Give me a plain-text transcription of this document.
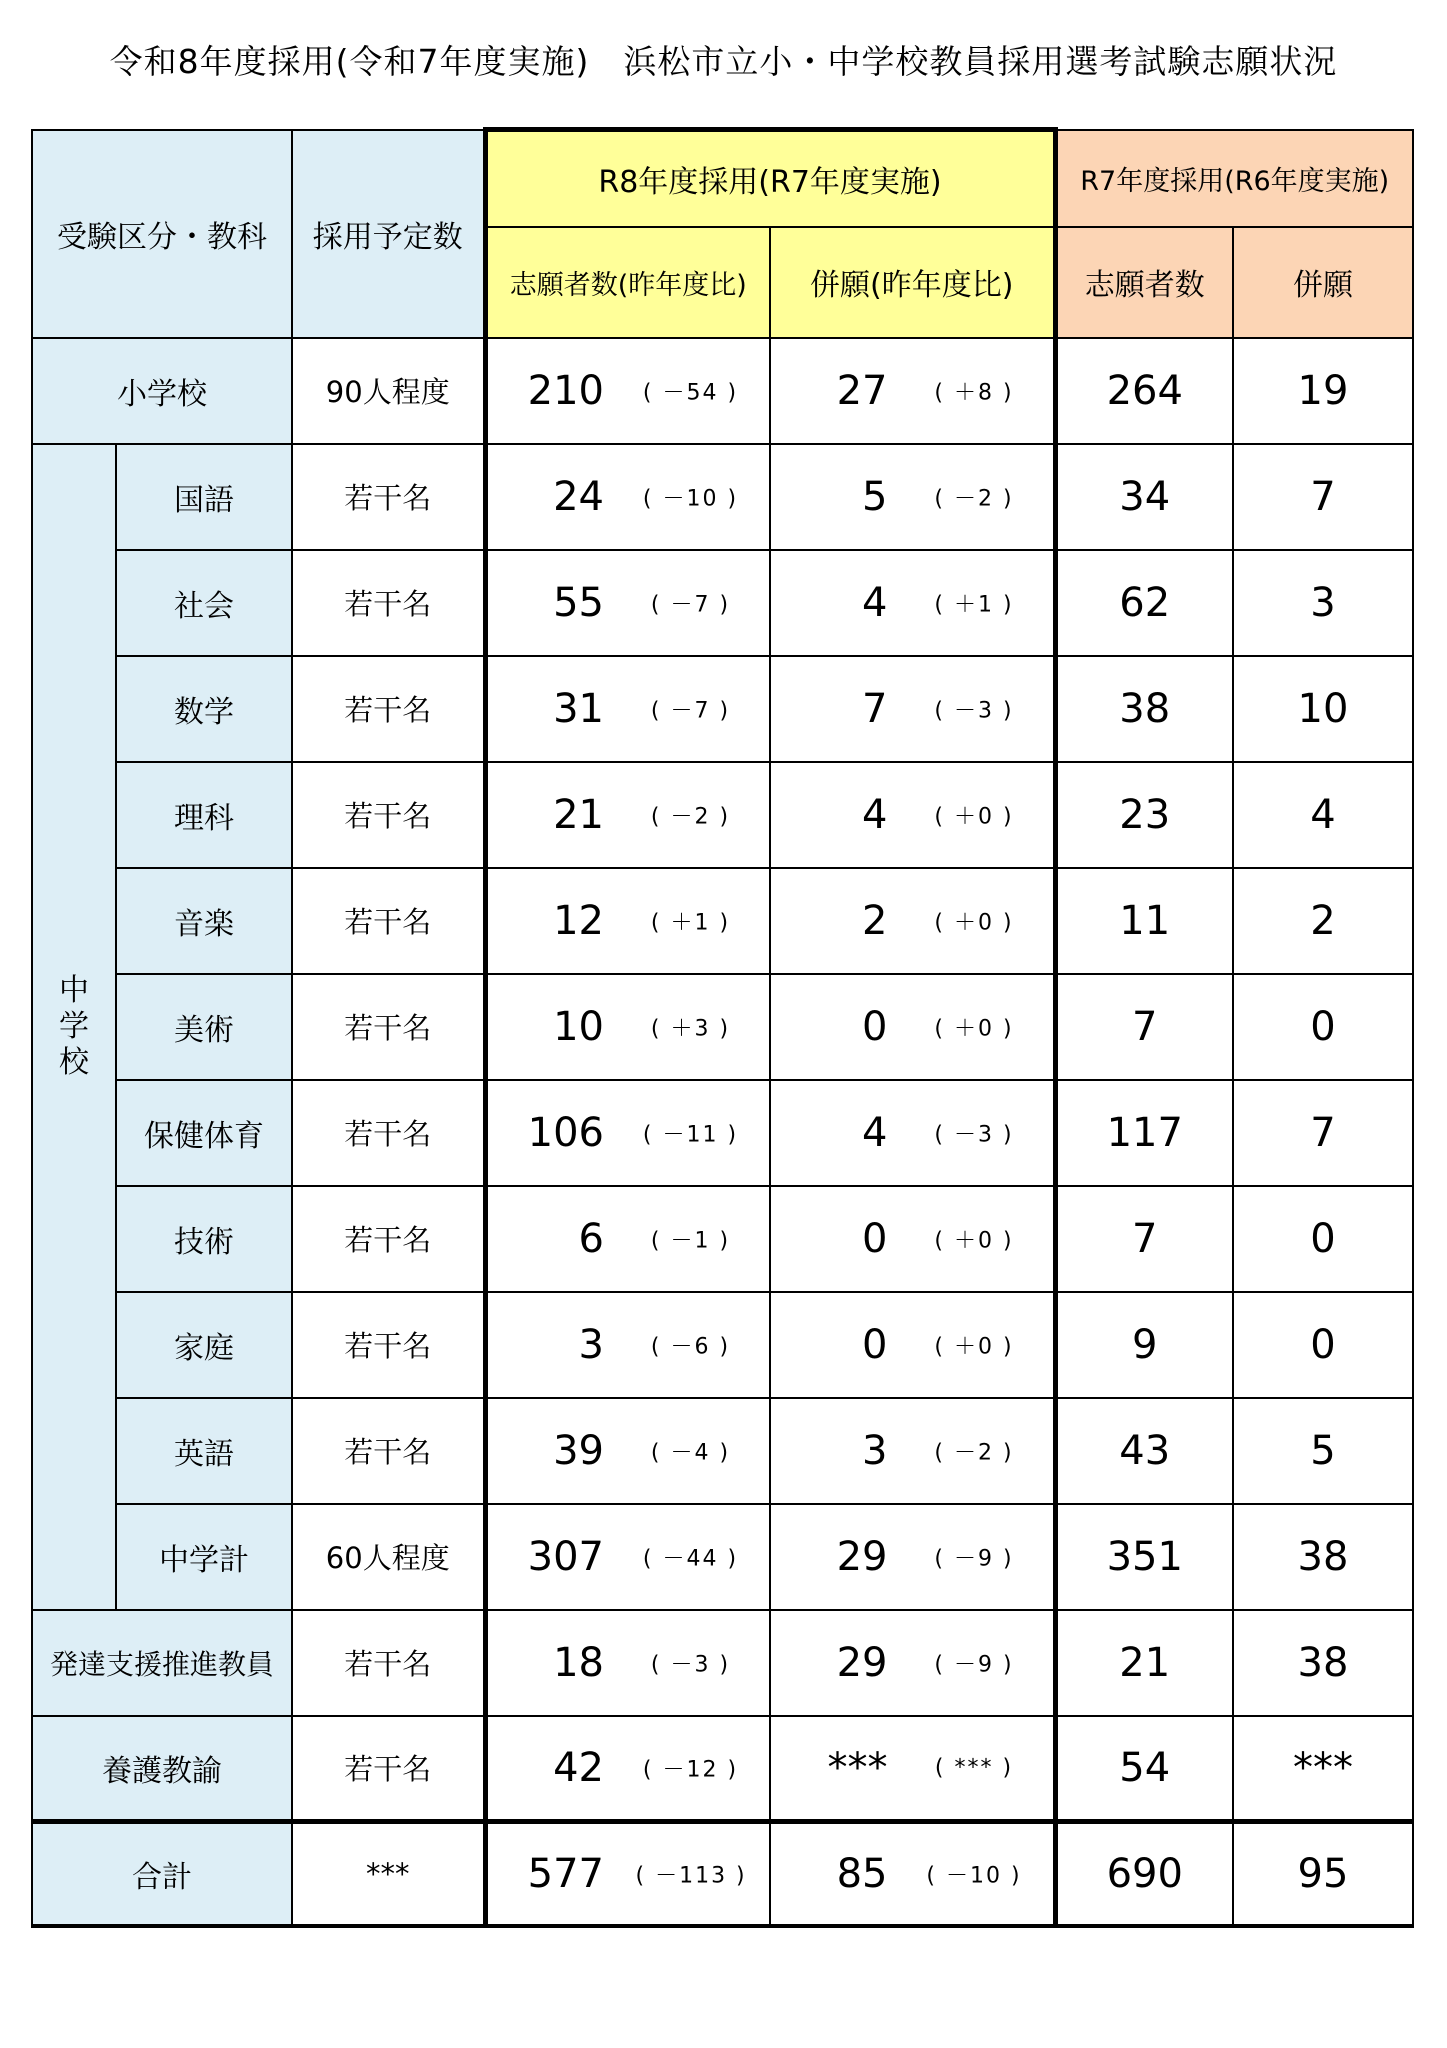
令和8年度採用(令和7年度実施)　浜松市立小・中学校教員採用選考試験志願状況
受験区分・教科		採用予定数	R8年度採用(R7年度実施)		R7年度採用(R6年度実施)	
			志願者数(昨年度比)	併願(昨年度比)	志願者数	併願
小学校		90人程度	210 ( －54 )	27 ( ＋8 )	264	19

中
学
校	国語	若干名	24 ( －10 )	5 ( －2 )	34	7
	社会	若干名	55 ( －7 )	4 ( ＋1 )	62	3
	数学	若干名	31 ( －7 )	7 ( －3 )	38	10
	理科	若干名	21 ( －2 )	4 ( ＋0 )	23	4
	音楽	若干名	12 ( ＋1 )	2 ( ＋0 )	11	2
	美術	若干名	10 ( ＋3 )	0 ( ＋0 )	7	0
	保健体育	若干名	106 ( －11 )	4 ( －3 )	117	7
	技術	若干名	6 ( －1 )	0 ( ＋0 )	7	0
	家庭	若干名	3 ( －6 )	0 ( ＋0 )	9	0
	英語	若干名	39 ( －4 )	3 ( －2 )	43	5
	中学計	60人程度	307 ( －44 )	29 ( －9 )	351	38
発達支援推進教員		若干名	18 ( －3 )	29 ( －9 )	21	38
養護教諭		若干名	42 ( －12 )	*** ( *** )	54	***
合計		***	577 ( －113 )	85 ( －10 )	690	95
